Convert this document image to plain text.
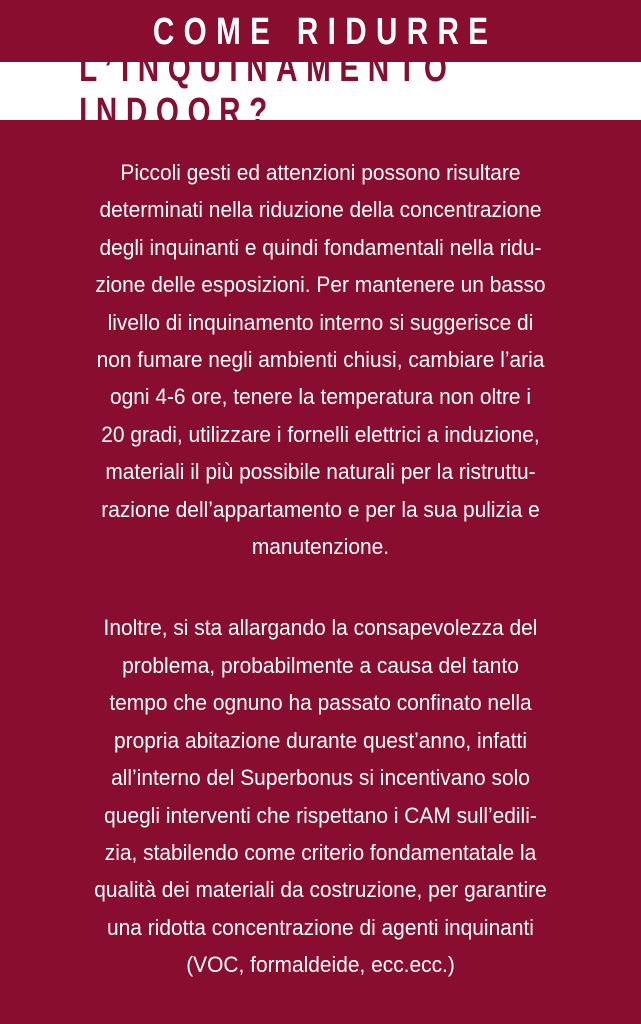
COME RIDURRE
L’INQUINAMENTO INDOOR?
Piccoli gesti ed attenzioni possono risultare
determinati nella riduzione della concentrazione
degli inquinanti e quindi fondamentali nella ridu-
zione delle esposizioni. Per mantenere un basso
livello di inquinamento interno si suggerisce di
non fumare negli ambienti chiusi, cambiare l’aria
ogni 4-6 ore, tenere la temperatura non oltre i
20 gradi, utilizzare i fornelli elettrici a induzione,
materiali il più possibile naturali per la ristruttu-
razione dell’appartamento e per la sua pulizia e
manutenzione.
Inoltre, si sta allargando la consapevolezza del
problema, probabilmente a causa del tanto
tempo che ognuno ha passato confinato nella
propria abitazione durante quest’anno, infatti
all’interno del Superbonus si incentivano solo
quegli interventi che rispettano i CAM sull’edili-
zia, stabilendo come criterio fondamentatale la
qualità dei materiali da costruzione, per garantire
una ridotta concentrazione di agenti inquinanti
(VOC, formaldeide, ecc.ecc.)
